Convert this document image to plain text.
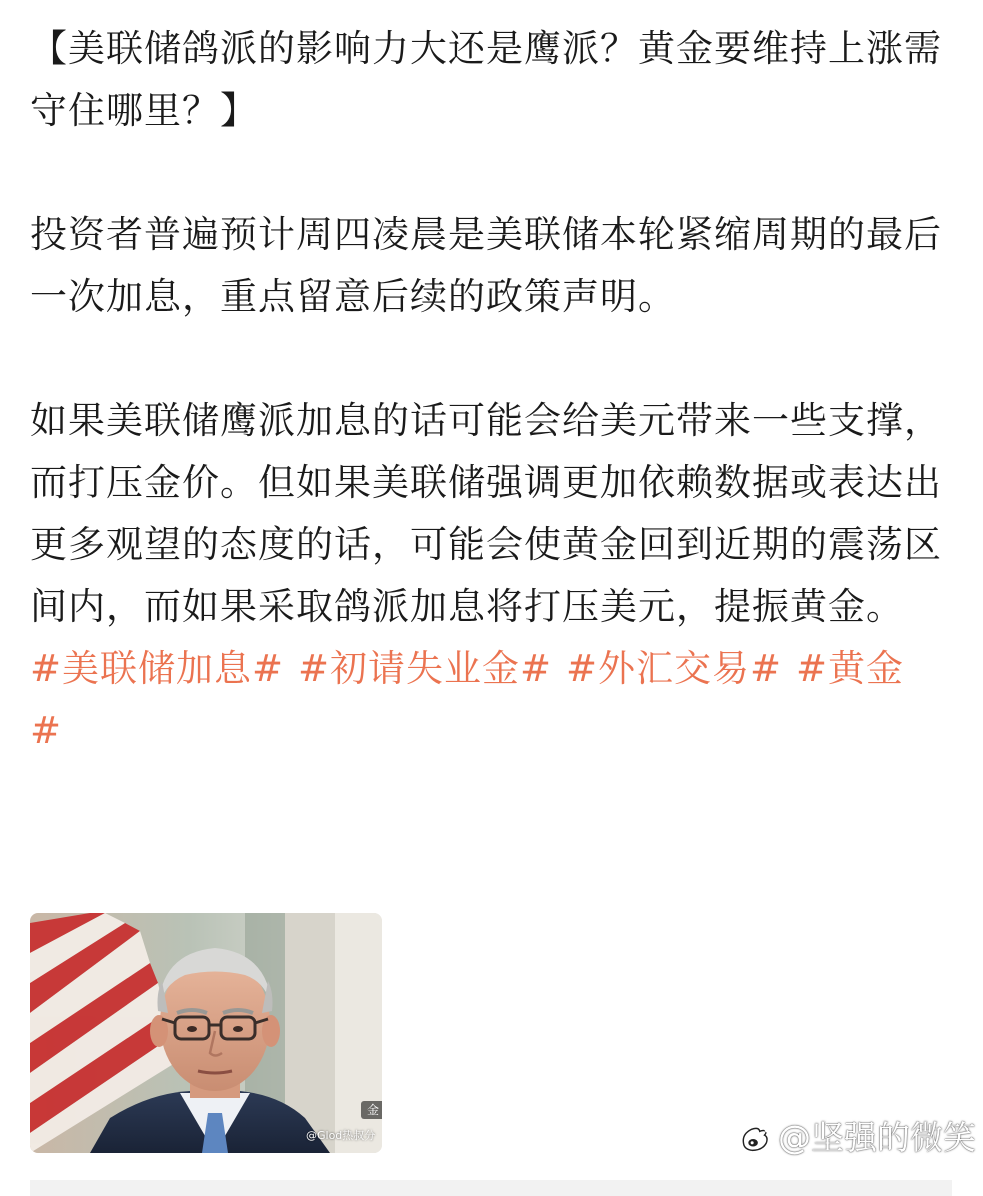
【美联储鸽派的影响力大还是鹰派？黄金要维持上涨需守住哪里？】

投资者普遍预计周四凌晨是美联储本轮紧缩周期的最后一次加息，重点留意后续的政策声明。

如果美联储鹰派加息的话可能会给美元带来一些支撑，而打压金价。但如果美联储强调更加依赖数据或表达出更多观望的态度的话，可能会使黄金回到近期的震荡区间内，而如果采取鸽派加息将打压美元，提振黄金。

#美联储加息# #初请失业金# #外汇交易# #黄金#

金
@Glod热叔分	@坚强的微笑
